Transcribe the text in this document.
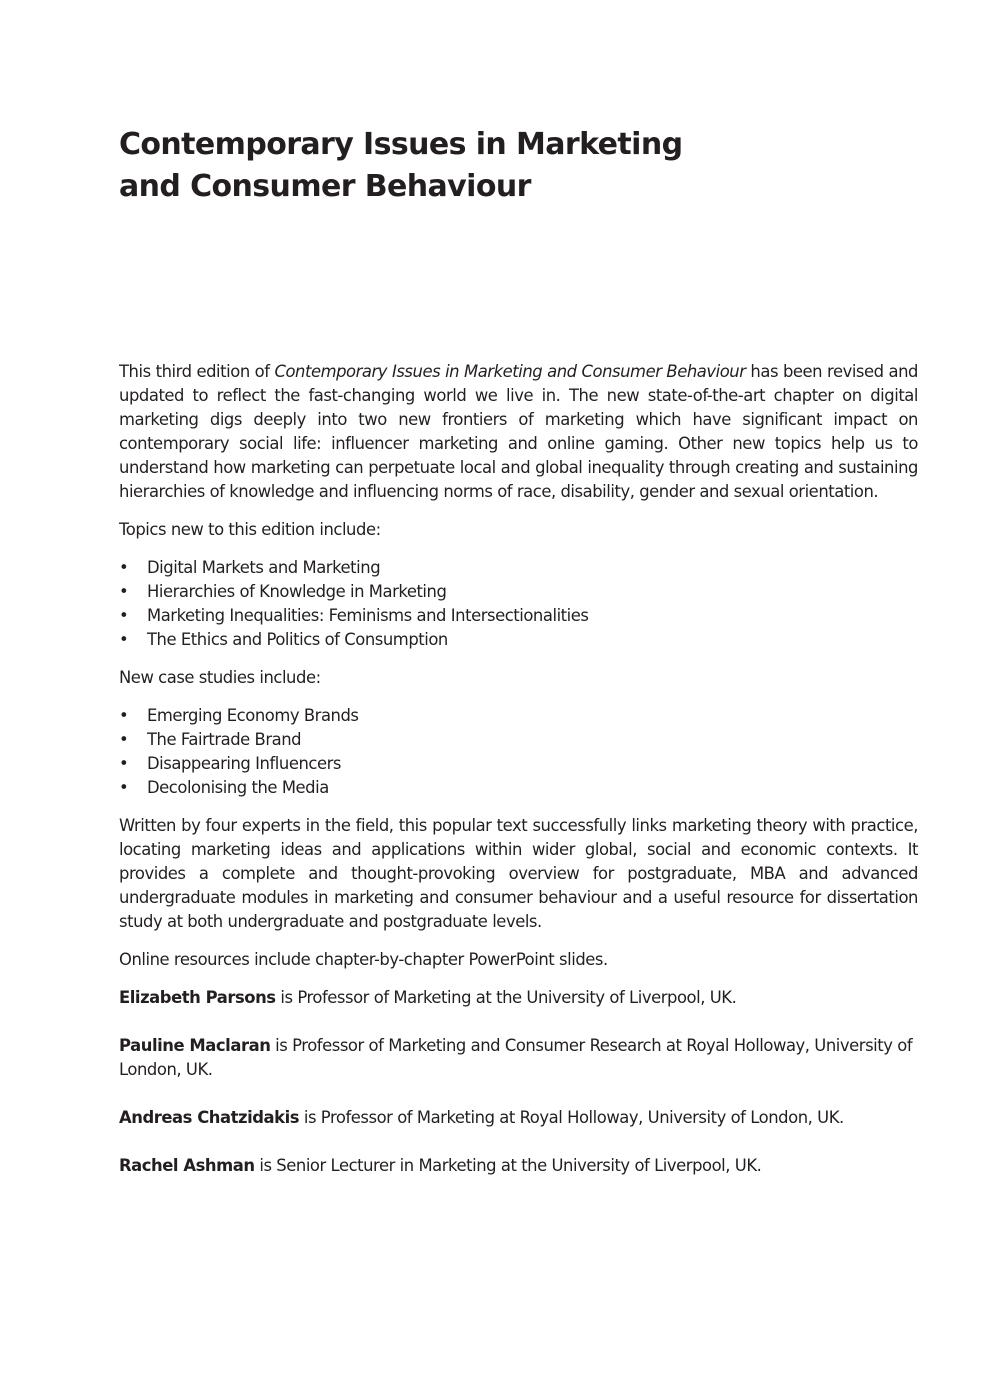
Contemporary Issues in Marketing
and Consumer Behaviour

This third edition of Contemporary Issues in Marketing and Consumer Behaviour has been revised and updated to reflect the fast-changing world we live in. The new state-of-the-art chapter on digital marketing digs deeply into two new frontiers of marketing which have significant impact on contemporary social life: influencer marketing and online gaming. Other new topics help us to understand how marketing can perpetuate local and global inequality through creating and sustaining hierarchies of knowledge and influencing norms of race, disability, gender and sexual orientation.

Topics new to this edition include:

• Digital Markets and Marketing
• Hierarchies of Knowledge in Marketing
• Marketing Inequalities: Feminisms and Intersectionalities
• The Ethics and Politics of Consumption

New case studies include:

• Emerging Economy Brands
• The Fairtrade Brand
• Disappearing Influencers
• Decolonising the Media

Written by four experts in the field, this popular text successfully links marketing theory with practice, locating marketing ideas and applications within wider global, social and economic contexts. It provides a complete and thought-provoking overview for postgraduate, MBA and advanced undergraduate modules in marketing and consumer behaviour and a useful resource for dissertation study at both undergraduate and postgraduate levels.

Online resources include chapter-by-chapter PowerPoint slides.

Elizabeth Parsons is Professor of Marketing at the University of Liverpool, UK.

Pauline Maclaran is Professor of Marketing and Consumer Research at Royal Holloway, University of London, UK.

Andreas Chatzidakis is Professor of Marketing at Royal Holloway, University of London, UK.

Rachel Ashman is Senior Lecturer in Marketing at the University of Liverpool, UK.
